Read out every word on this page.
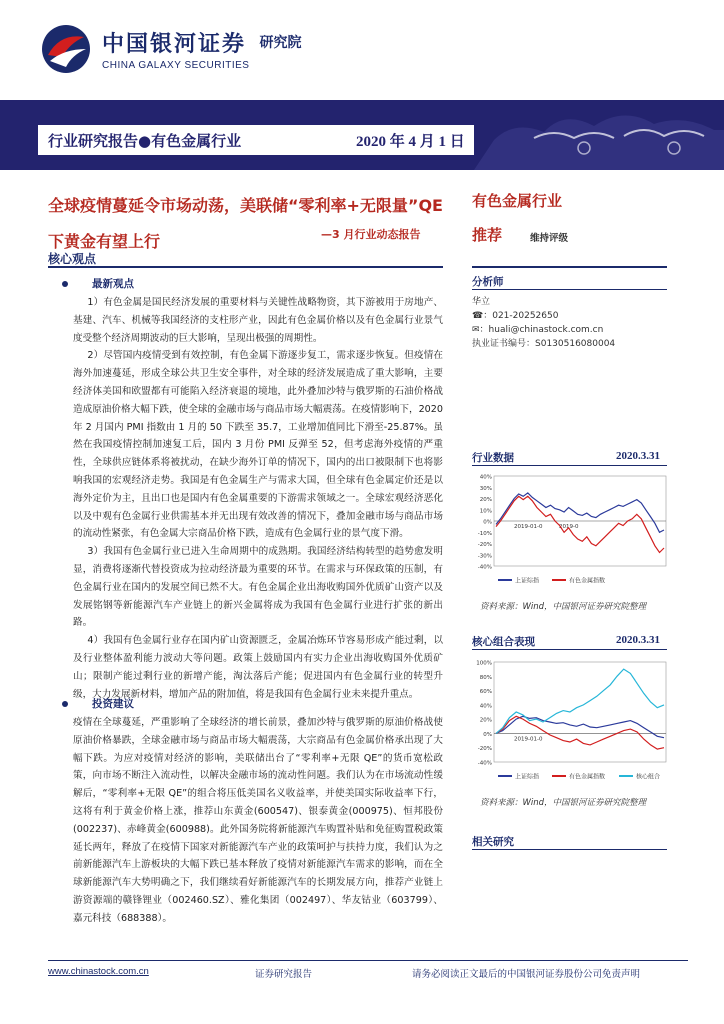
中国银河证券
CHINA GALAXY SECURITIES
研究院
行业研究报告●有色金属行业	2020 年 4 月 1 日
全球疫情蔓延令市场动荡，美联储“零利率+无限量”QE 下黄金有望上行	—3 月行业动态报告
核心观点
有色金属行业
推荐	维持评级
最新观点

1）有色金属是国民经济发展的重要材料与关键性战略物资，其下游被用于房地产、基建、汽车、机械等我国经济的支柱形产业，因此有色金属价格以及有色金属行业景气度受整个经济周期波动的巨大影响，呈现出极强的周期性。

2）尽管国内疫情受到有效控制，有色金属下游逐步复工，需求逐步恢复。但疫情在海外加速蔓延，形成全球公共卫生安全事件，对全球的经济发展造成了重大影响，主要经济体美国和欧盟都有可能陷入经济衰退的境地，此外叠加沙特与俄罗斯的石油价格战造成原油价格大幅下跌，使全球的金融市场与商品市场大幅震荡。在疫情影响下，2020 年 2 月国内 PMI 指数由 1 月的 50 下跌至 35.7，工业增加值同比下滑至-25.87%。虽然在我国疫情控制加速复工后，国内 3 月份 PMI 反弹至 52，但考虑海外疫情的严重性，全球供应链体系将被扰动，在缺少海外订单的情况下，国内的出口被限制下也将影响我国的宏观经济走势。我国是有色金属生产与需求大国，但全球有色金属定价还是以海外定价为主，且出口也是国内有色金属重要的下游需求领域之一。全球宏观经济恶化以及中观有色金属行业供需基本并无出现有效改善的情况下，叠加金融市场与商品市场的流动性紧张，有色金属大宗商品价格下跌，造成有色金属行业的景气度下滑。

3）我国有色金属行业已进入生命周期中的成熟期。我国经济结构转型的趋势愈发明显，消费将逐渐代替投资成为拉动经济最为重要的环节。在需求与环保政策的压制，有色金属行业在国内的发展空间已然不大。有色金属企业出海收购国外优质矿山资产以及发展铭钢等新能源汽车产业链上的新兴金属将成为我国有色金属行业进行扩张的新出路。

4）我国有色金属行业存在国内矿山资源匮乏，金属冶炼环节容易形成产能过剩，以及行业整体盈利能力波动大等问题。政策上鼓励国内有实力企业出海收购国外优质矿山；限制产能过剩行业的新增产能，淘汰落后产能；促进国内有色金属行业的转型升级，大力发展新材料，增加产品的附加值，将是我国有色金属行业未来提升重点。

投资建议

疫情在全球蔓延，严重影响了全球经济的增长前景，叠加沙特与俄罗斯的原油价格战使原油价格暴跌，全球金融市场与商品市场大幅震荡，大宗商品有色金属价格承出现了大幅下跌。为应对疫情对经济的影响，美联储出台了“零利率+无限 QE”的货币宽松政策，向市场不断注入流动性，以解决金融市场的流动性问题。我们认为在市场流动性缓解后，“零利率+无限 QE”的组合将压低美国名义收益率，并使美国实际收益率下行，这将有利于黄金价格上涨，推荐山东黄金(600547)、银泰黄金(000975)、恒邦股份(002237)、赤峰黄金(600988)。此外国务院将新能源汽车购置补贴和免征购置税政策延长两年，释放了在疫情下国家对新能源汽车产业的政策呵护与扶持力度，我们认为之前新能源汽车上游板块的大幅下跌已基本释放了疫情对新能源汽车需求的影响，而在全球新能源汽车大势明确之下，我们继续看好新能源汽车的长期发展方向，推荐产业链上游资源端的赣锋锂业（002460.SZ）、雅化集团（002497）、华友钴业（603799）、嘉元科技（688388）。

分析师
华立
☎：021-20252650
✉：huali@chinastock.com.cn
执业证书编号：S0130516080004
行业数据	2020.3.31
40%
30%
20%
10%
0%
-10%
-20%
-30%
-40%
2019-01-0	2019-0
上证综指	有色金属指数
资料来源：Wind，中国银河证券研究院整理
核心组合表现	2020.3.31
100%
80%
60%
40%
20%
0%
-20%
-40%
2019-01-0
上证综指	有色金属指数	核心组合
资料来源：Wind，中国银河证券研究院整理
相关研究
www.chinastock.com.cn	证券研究报告	请务必阅读正文最后的中国银河证券股份公司免责声明
